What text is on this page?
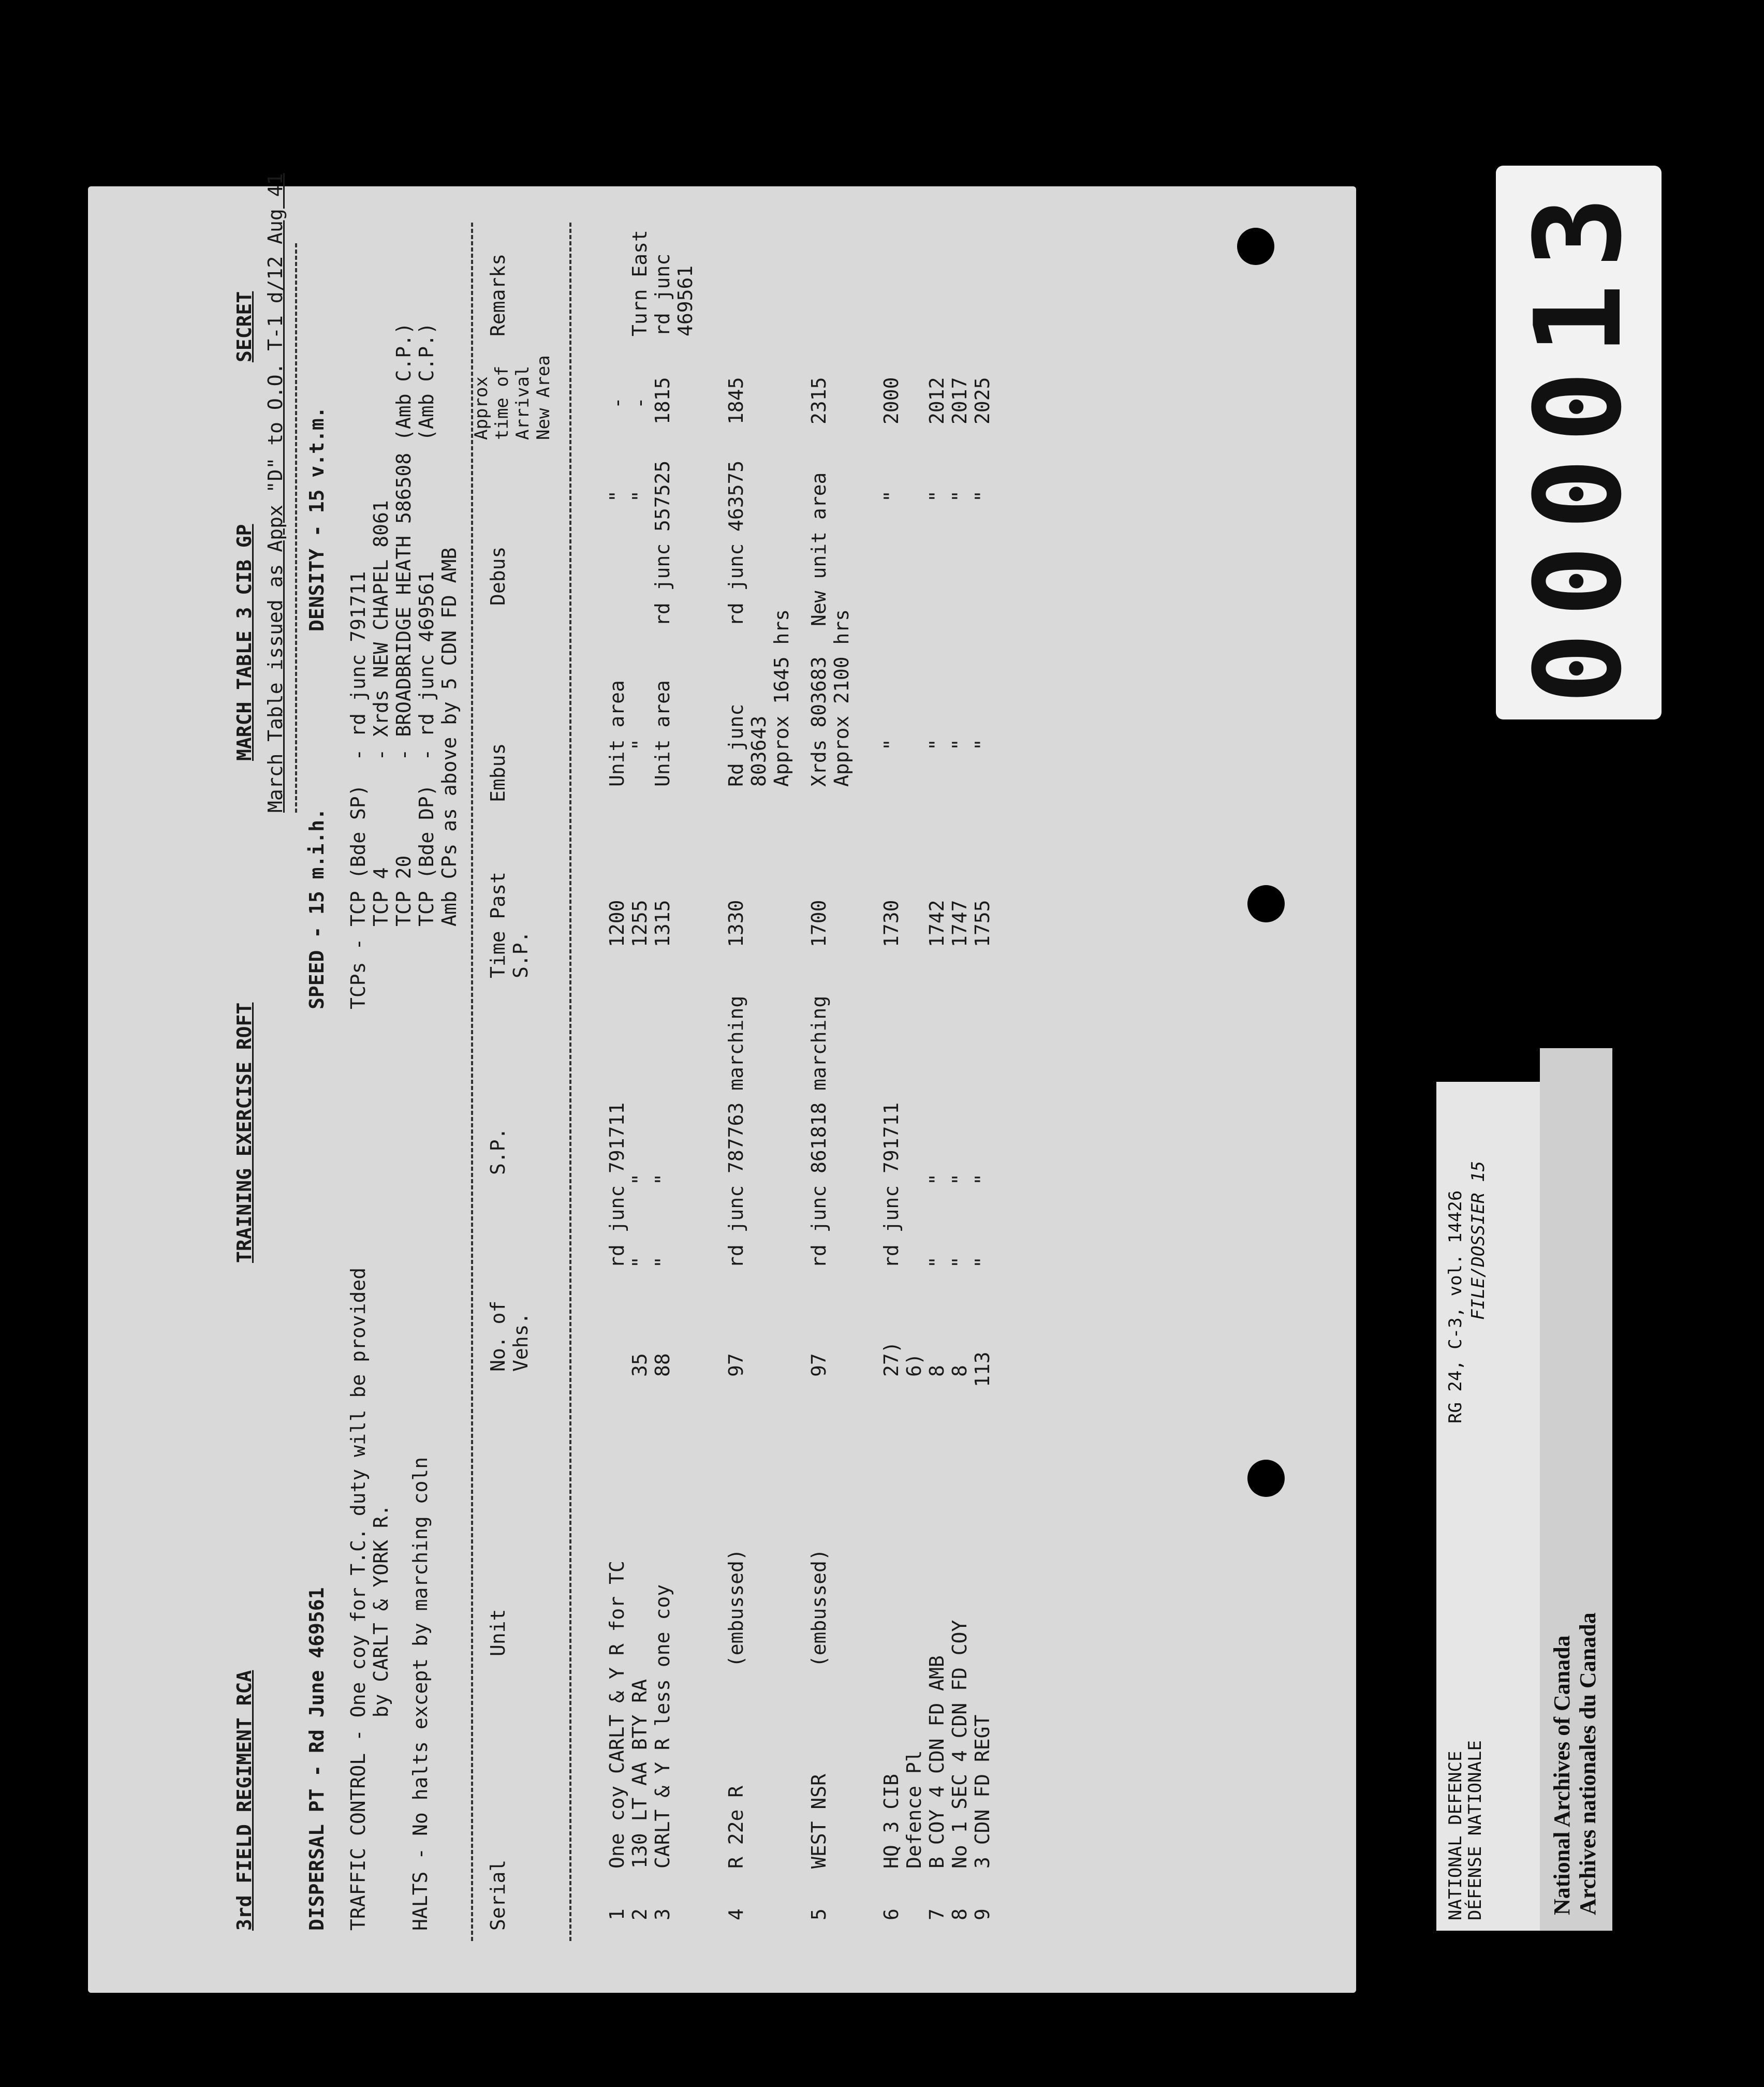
3rd FIELD REGIMENT RCA
TRAINING EXERCISE ROFT
MARCH TABLE 3 CIB GP
SECRET March Table issued as Appx "D" to O.O. T-1 d/12 Aug 41
DISPERSAL PT - Rd June 469561
SPEED - 15 m.i.h.
DENSITY - 15 v.t.m.
TRAFFIC CONTROL - One coy for T.C. duty will be provided by CARLT & YORK R.
TCPs - TCP (Bde SP)  - rd junc 791711 TCP 4         - Xrds NEW CHAPEL 8061 TCP 20        - BROADBRIDGE HEATH 586508 (Amb C.P.) TCP (Bde DP)  - rd junc 469561           (Amb C.P.) Amb CPs as above by 5 CDN FD AMB
HALTS - No halts except by marching coln	Serial
Unit
No. of
Vehs.
S.P.
Time Past
S.P.
Embus
Debus
Approx
time of
Arrival
New Area
Remarks
1
One coy CARLT & Y R for TC
rd junc 791711
1200
Unit area
"
-
2
130 LT AA BTY RA
35
"      "
1255
"
"
-
3
CARLT & Y R less one coy
88
"      "
1315
Unit area
rd junc 557525
1815
Turn East
rd junc
469561
4
R 22e R          (embussed)
97
rd junc 787763 marching
1330
Rd junc
803643
Approx 1645 hrs
rd junc 463575
1845
5
WEST NSR         (embussed)
97
rd junc 861818 marching
1700
Xrds 803683
Approx 2100 hrs
New unit area
2315
6
HQ 3 CIB
Defence Pl
27)
6)
rd junc 791711
1730
"
"
2000
7
B COY 4 CDN FD AMB
8
"      "
1742
"
"
2012
8
No 1 SEC 4 CDN FD COY
8
"      "
1747
"
"
2017
9
3 CDN FD REGT
113
"      "
1755
"
"
2025	000013
NATIONAL DEFENCE
DÉFENSE NATIONALE
RG 24, C-3, vol. 14426 FILE/DOSSIER 15
National Archives of Canada Archives nationales du Canada
